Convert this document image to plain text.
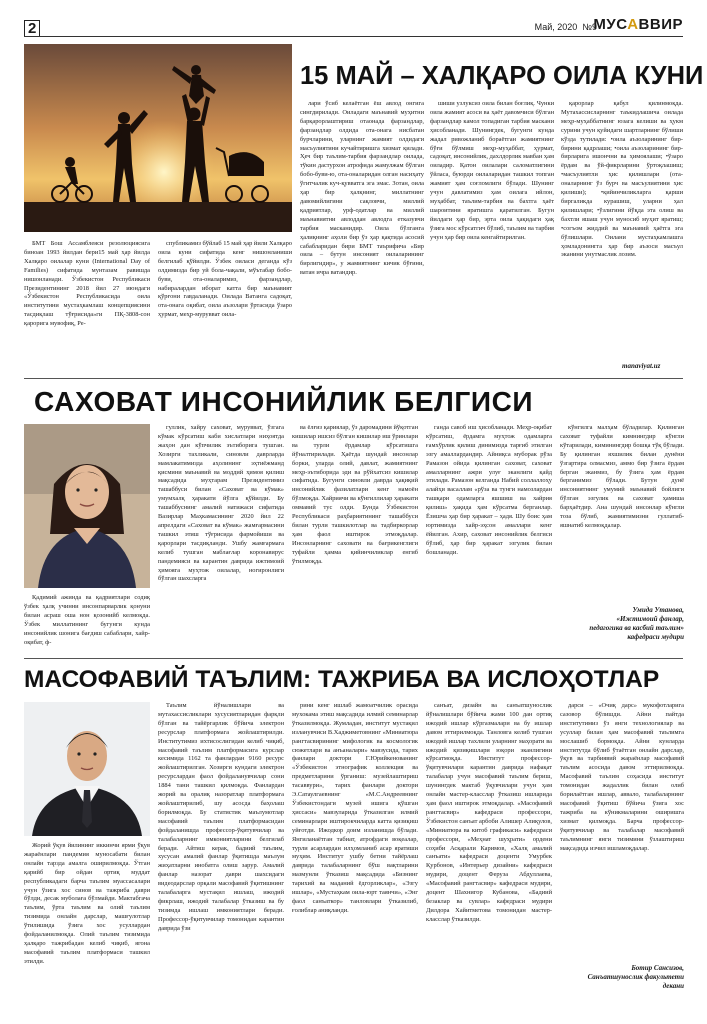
2	Май, 2020 №9
МУСАВВИР
15 МАЙ – ХАЛҚАРО ОИЛА КУНИ

БМТ Бош Ассамблеяси резолюциясига биноан 1993 йилдан бери15 май ҳар йилда Халқаро оилалар куни (International Day of Families) сифатида мунтазам равишда нишонланади. Ўзбекистон Республикаси Президентининг 2018 йил 27 июндаги «Ўзбекистон Республикасида оила институтини мустаҳкамлаш концепциясини тасдиқлаш тўғрисида»ги ПҚ-3808-сон қарорига мувофиқ, Ре-

спубликамиз бўйлаб 15 май ҳар йили Халқаро оила куни сифатида кенг нишонланиши белгилаб қўйилди. Ўзбек оиласи деганда кўз олдимизда бир уй бола-чақали, мўътабар бобо-буви, ота-оналаримиз, фарзандлар, набиралардан иборат катта бир маънавият қўрғони гавдаланади. Оилада Ватанга садоқат, ота-онага оқибат, оила аъзолари ўртасида ўзаро ҳурмат, меҳр-мурувват оила-

лари ўсиб келаётган ёш авлод онгига сингдирилади. Оиладаги маънавий муҳитни барқарорлаштириш отаонада фарзандлар, фарзандлар олдида ота-онага нисбатан бурчларини, уларнинг жамият олдидаги масъулиятини кучайтиришга хизмат қилади. Ҳеч бир таълим-тарбия фарзандлар оилада, тўкин дастурхон атрофида жамулжам бўлган бобо-буви-ю, ота-оналаридан олган насиҳату ўгитчалик куч-қувватга эга эмас. Зотан, оила ҳар бир ҳалқнинг, миллатнинг давомийлигини сақловчи, миллий қадриятлар, урф-одатлар ва миллий маънавиятни авлоддан авлодга етказувчи тарбия масканидир. Оила бўлганга ҳалиқнинг аҳоли бир ўз ҳар қақтида асосий сабабларидан бири БМТ таърифича «Бир оила – бутун инсоният оилаларининг бирлигидир», у жамиятнинг кичик бўғини, ватан ичра ватандир.

шиши узлуксиз оила билан боғлиқ. Чунки оила жамият асоси ва ҳаёт давомчиси бўлган фарзандлар камол топадиган тарбия маскани ҳисобланади. Шунингдек, бугунги кунда жадал ривожланиб бораётган жамиятнинг бўғи бўлмиш меҳр-муҳаббат, ҳурмат, садоқат, инсонийлик, дахлдорлик мавбан ҳам оиладир. Қатон оилалари саломатлигини ўйласа, буюрди оилаларидан ташкил топган жамият ҳам соғломлиги бўлади. Шунинг учун давлатимиз ҳам оилага ийлон, муҳаббат, таълим-тарбия ва бахтга ҳаёт шароитини яратишга қаратилган. Бугун йилдаги ҳар бир, эрта оила ҳақидаги ҳақ ўзига мос кўрсатгич бўлиб, таълим ва тарбия учун ҳар бир оила кенгайтирилган.

қарорлар қабул қилинмоқда. Мутахассисларнинг таъкидлашича оилада меҳр-муҳаббатнинг юзага келиши ва ҳукм сурини учун қуйидаги шартларнинг бўлиши кўзда тутилади: •оила аъзоларининг бир-бирини қадрлаши; •оила аъзоларининг бир-бирларига ишончни ва ҳимоялаши; •ўзаро ёрдам ва ўй-фикрларини ўртоқлашиш; •масъулиятли ҳис қилишлари (ота-оналарнинг ўз бурч ва масъулиятини ҳис қилиши); •қийинчиликларга қарши биргаликда курашиш, уларни ҳал қилишлари; •ўзлигини йўқда эта олиш ва бахтли яшаш учун муносиб муҳит яратиш; •согъом жиддий ва маънавий ҳаётга эга бўлишлари. Оилани мустаҳкамлашга ҳомладонингга ҳар бир аъзоси масъул эканини унутмаслик лозим.

manaviyat.uz
САХОВАТ ИНСОНИЙЛИК БЕЛГИСИ

Қадимий ажинда ва қадриятлари содиқ ўзбек ҳалқ учинни инсонпарварлик қонуни билан асраш оша нон қозонийб келмоқда. Ўзбек миллатининг бугунги кунда инсонийлик шонига бағдиш сабаблари, хайр-оқибат, ф-

гуллик, хайру саховат, мурувват, ўзгага кўмак кўрсатиш каби хислатлари ниҳоятда жаҳон дан кўпчилик эътиборига тушган. Хозирги тахликали, синовли даврларда мамлакатимизда аҳолининг эҳтиёжманд қисмини маънавий ва моддий ҳимоя қилиш мақсадида муҳтарам Президентимиз ташаббуси билан «Саховат ва кўмак» умумхалқ ҳаракати йўлга қўйилди. Бу ташаббуснинг амалий натижаси сифатида Вазирлар Маҳкамасининг 2020 йил 22 апрелдаги «Саховат ва кўмак» жамғармасини ташкил этиш тўғрисида фармойиши ва қарорлари тасдиқланди. Ушбу жамғармага келиб тушган маблағлар коронавирус пандемияси ва карантин даврида ижтимоий ҳимояга муҳтож оилалар, ногиронлиги бўлган шахсларга

ва ёлғиз қариялар, ўз даромадини йўқотган кишилар ишсиз бўлган кишилар иш ўринлари ва турли ёрдамлар кўрсатишга йўналтирилади. Ҳаётда шундай инсонлар борки, уларда олий, давлат, жамиятнинг меҳр-эътиборида эди ва рўйхатсиз кишилар сифатида. Бугунги синовли даврда ҳақиқий инсонийлик фазилатлари кенг намоён бўлмоқда. Хайриячи ва кўнгиллилар ҳаракати оммавий тус олди. Бунда Ўзбекистон Республикаси раҳбариятининг ташаббуси билан турли ташкилотлар ва тадбиркорлар ҳам фаол иштирок этмоқдалар. Инсонларнинг саховати ва бағрикенглиги туфайли ҳамма қийинчиликлар енгиб ўтилмоқда.

ганда савоб иш ҳисобланади. Меҳр-оқибат кўрсатиш, ёрдамга муҳтож одамларга ғамхўрлик қилиш динимизда тарғиб этилган эзгу амаллардандир. Айниқса муборак рўза Рамазон ойида қилинган саховат, саховат амалларнинг ажри улуғ эканлиги қайд этилади. Рамазон келганда Набий соллаллоҳу алайҳи васаллам «рўза ва тунги намозлардан ташқари одамларга яшшиш ва хайрия қилиш» ҳақида ҳам кўрсатма берганлар. Ёзишча ҳар бир ҳаракат – ҳадя. Шу боис ҳам юртимизда хайр-эҳсон амаллари кенг ёйилган. Ахир, саховат инсонийлик белгиси бўлиб, ҳар бир ҳаракат эзгулик билан бошланади.

кўнгилга малҳам бўладилар. Қилинган саховат туфайли кимнингдир кўнгли кўтарилади, киминингдир бошқа тўқ бўлади. Бу қилинган яхшилик билан дунёни ўзгартира олмасмиз, аммо бир ўзига ёрдам берган эканмиз, бу ўзига ҳам ёрдам берганимиз бўлади. Бутун дунё инсониятнинг умумий маънавий бойлиги бўлган эзгулик ва саховат ҳамиша барҳаётдир. Ана шундай инсонлар кўнгли тоза бўлиб, жамиятимизни гуллатиб-яшнатиб келмоқдалар.

Умида Утанова,
«Ижтимоий фанлар,
педагогика ва касбий таълим»
кафедраси мудири
МАСОФАВИЙ ТАЪЛИМ: ТАЖРИБА ВА ИСЛОҲОТЛАР

Жорий ўқув йилининг иккинчи ярми ўқув жараёнлари пандемия муносабати билан онлайн тарзда амалга оширилмоқда. Ўтган қарийб бир ойдан ортиқ муддат республикадаги барча таълим муассасалари учун ўзига хос синов ва тажриба даври бўлди, десак муболаға бўлмайди. Мактабгача таълим, ўрта таълим ва олий таълим тизимида онлайн дарслар, машғулотлар ўтилишида ўзига хос усуллардан фойдаланилмоқда. Олий таълим тизимида ҳалқаро тажрибадан келиб чиқиб, ягона масофавий таълим платформаси ташкил этилди.

Таълим йўналишлари ва мутахассисликлари хусусиятларидан фарқли бўлган ва тайёргарлик бўйича электрон ресурслар платформага жойлаштирилди. Институтимиз ихтисослигидан келиб чиқиб, масофавий таълим платформасига курслар кесимида 1162 та фанлардан 9160 ресурс жойлаштирилган. Хозирги кундаги электрон ресурслардан фаол фойдаланувчилар сони 1884 тани ташкил қилмоқда. Фанлардан жорий ва оралиқ назоратлар платформага жойлаштирилиб, шу асосда баҳолаш борилмоқда. Бу статистик маълумотлар масофавий таълим платформасидан фойдаланишда профессор-ўқитувчилар ва талабаларнинг имкониятларини белгилаб беради. Айтиш керак, бадиий таълим, хусусан амалий фанлар ўқитишда маълум жиҳатларни инобатга олиш зарур. Амалий фанлар назорат даври шахсидаги видеодарслар орқали масофавий ўқитишнинг талабаларга мустақил ишлаш, ижодий фикрлаш, ижодий талабалар ўтказиш ва бу тизимда ишлаш имкониятлари беради. Профессор-ўқитувчилар томонидан карантин даврида ўзи

рини кенг ишлаб жамоатчилик орасида мухокама этиш мақсадида илмий семинарлар ўтказилмоқда. Жумладан, институт мустақил изланувчиси В.Хаджиметовнинг «Миниатюра рангтасвирининг мифологик ва космологик сюжетлари ва анъаналари» мавзусида, тарих фанлари доктори Г.Юрийкенованинг «Ўзбекистон этнографик коллекция ва предметларини ўрганиш: музейлаштириш тасаввури», тарих фанлари доктори Э.Сатаулгаевнинг «М.С.Андреевнинг Ўзбекистондаги музей ишига қўшган ҳиссаси» мавзуларида ўтказилган илмий семинарлари иштирокчиларда катта қизиқиш уйғотди. Ижодкор доим изланишда бўлади. Янгиланаётган табиат, атрофдаги воқеалар, турли асарлардан илҳомланиб асар яратиши муҳим. Институт ушбу бетни тайёрлаш даврида талабаларнинг бўш вақтларини мазмунли ўтказиш мақсадида «Бизнинг тарихий ва маданий ёдгорликлар», «Эзгу ишлар», «Мустаҳкам оила-юрт таянчи», «Энг фаол санъаткор» танловлари ўтказилиб, ғолиблар аниқланди.

санъат, дизайн ва санъатшунослик йўналишлари бўйича жами 100 дан ортиқ ижодий ишлар кўргазмалари ва бу ишлар давом эттирилмоқда. Танловга келиб тушган ижодий ишлар тахлили уларнинг маҳорати ва ижодий қизиқишлари юқори эканлигини кўрсатмоқда. Институт профессор-ўқитувчилари карантин даврида нафақат талабалар учун масофавий таълим бериш, шунингдек мактаб ўқувчилари учун ҳам онлайн мастер-класслар ўтказиш ишларида ҳам фаол иштирок этмоқдалар. «Масофавий рангтасвир» кафедраси профессори, Ўзбекистон санъат арбоби Алишер Алиқулов, «Миниатюра ва китоб графикаси» кафедраси профессори, «Меҳнат шуҳрати» ордени соҳиби Асқарали Каримов, «Халқ амалий санъати» кафедраси доценти Умурбек Қурбонов, «Интерьер дизайни» кафедраси мудири, доцент Феруза Абдуллаева, «Масофавий рангтасвир» кафедраси мудири, доцент Шахнигор Кубанова, «Бадиий безаклар ва сувлар» кафедраси мудири Дилдора Хайитметова томонидан мастер-класслар ўтказилди.

дарси – «Очиқ дарс» мукофотларига сазовор бўлишди. Айни пайтда институтимиз ўз янги технологиялар ва усуллар билан ҳам масофавий таълимга мослашиб бормоқда. Айни кунларда институтда бўлиб ўтаётган онлайн дарслар, ўқув ва тарбиявий жараёнлар масофавий таълим асосида давом эттирилмоқда. Масофавий таълим соҳасида институт томонидан жадаллик билан олиб борилаётган ишлар, аввало, талабаларнинг масофавий ўқитиш бўйича ўзига хос тажриба ва кўникмаларини оширишга хизмат қилмоқда. Барча профессор-ўқитувчилар ва талабалар масофавий таълимнинг янги тизимини ўзлаштириш мақсадида изчил ишламоқдалар.

Ботир Сансизов,
Санъатшунослик факультети
декани
